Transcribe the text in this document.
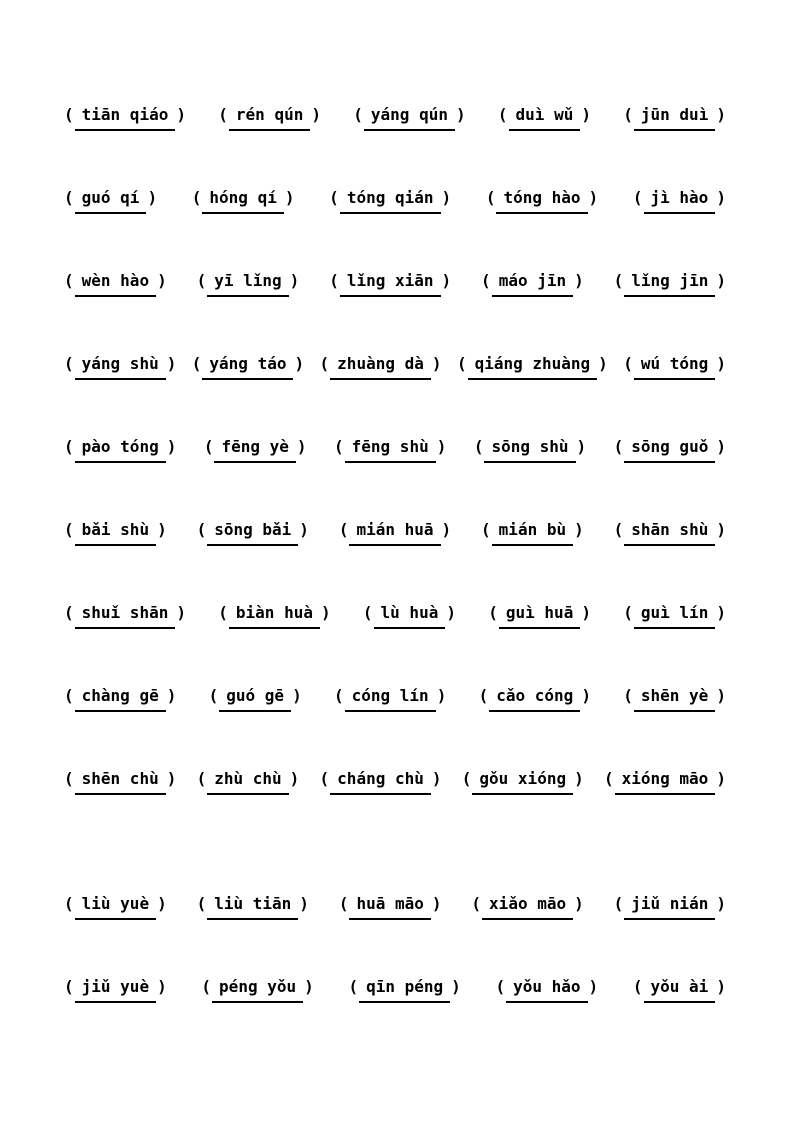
( tiān qiáo ) ( rén qún ) ( yáng qún ) ( duì wǔ ) ( jūn duì )
( guó qí ) ( hóng qí ) ( tóng qián ) ( tóng hào ) ( jì hào )
( wèn hào ) ( yī lǐng ) ( lǐng xiān ) ( máo jīn ) ( lǐng jīn )
( yáng shù ) ( yáng táo ) ( zhuàng dà ) ( qiáng zhuàng ) ( wú tóng )
( pào tóng ) ( fēng yè ) ( fēng shù ) ( sōng shù ) ( sōng guǒ )
( bǎi shù ) ( sōng bǎi ) ( mián huā ) ( mián bù ) ( shān shù )
( shuǐ shān ) ( biàn huà ) ( lù huà ) ( guì huā ) ( guì lín )
( chàng gē ) ( guó gē ) ( cóng lín ) ( cǎo cóng ) ( shēn yè )
( shēn chù ) ( zhù chù ) ( cháng chù ) ( gǒu xióng ) ( xióng māo )
( liù yuè ) ( liù tiān ) ( huā māo ) ( xiǎo māo ) ( jiǔ nián )
( jiǔ yuè ) ( péng yǒu ) ( qīn péng ) ( yǒu hǎo ) ( yǒu ài )
